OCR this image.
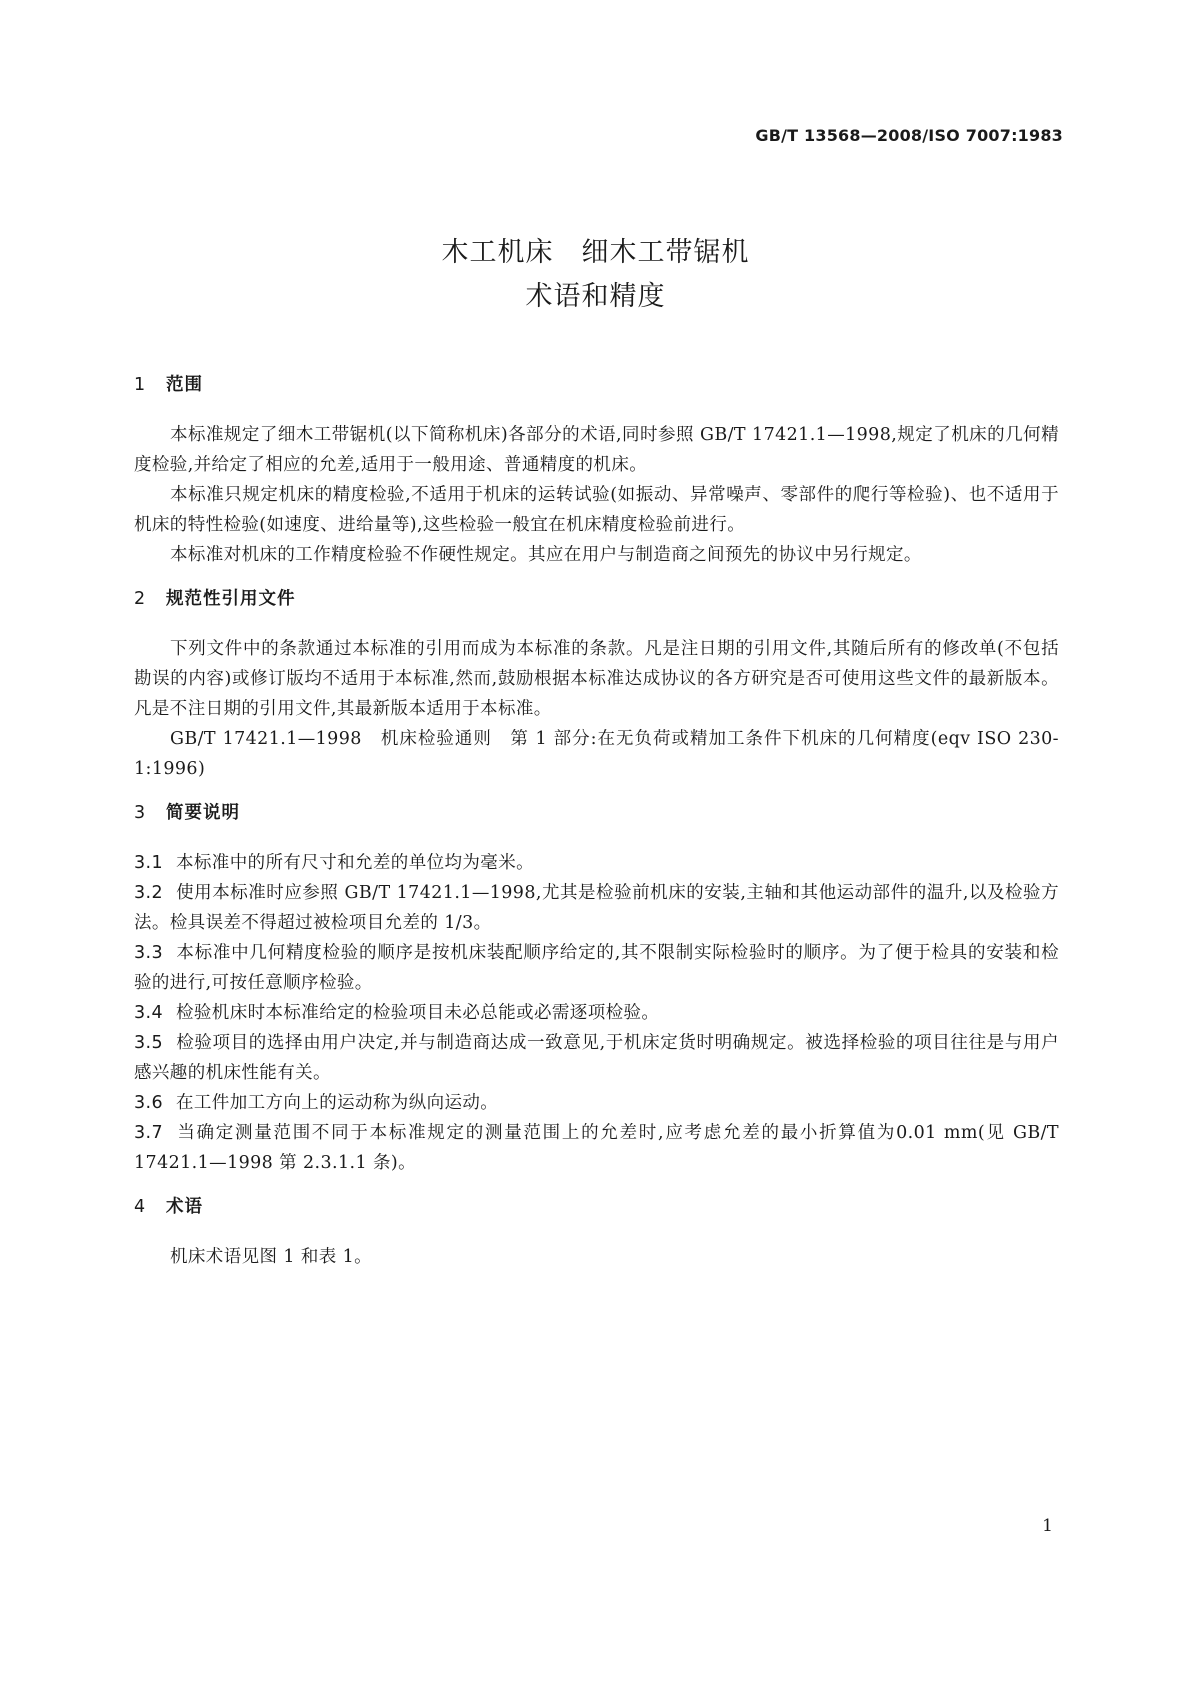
GB/T 13568—2008/ISO 7007:1983
木工机床　细木工带锯机
术语和精度

1 范围

本标准规定了细木工带锯机(以下简称机床)各部分的术语,同时参照 GB/T 17421.1—1998,规定了机床的几何精度检验,并给定了相应的允差,适用于一般用途、普通精度的机床。

本标准只规定机床的精度检验,不适用于机床的运转试验(如振动、异常噪声、零部件的爬行等检验)、也不适用于机床的特性检验(如速度、进给量等),这些检验一般宜在机床精度检验前进行。

本标准对机床的工作精度检验不作硬性规定。其应在用户与制造商之间预先的协议中另行规定。

2 规范性引用文件

下列文件中的条款通过本标准的引用而成为本标准的条款。凡是注日期的引用文件,其随后所有的修改单(不包括勘误的内容)或修订版均不适用于本标准,然而,鼓励根据本标准达成协议的各方研究是否可使用这些文件的最新版本。凡是不注日期的引用文件,其最新版本适用于本标准。

GB/T 17421.1—1998　机床检验通则　第 1 部分:在无负荷或精加工条件下机床的几何精度(eqv ISO 230-1:1996)

3 简要说明

3.1 本标准中的所有尺寸和允差的单位均为毫米。

3.2 使用本标准时应参照 GB/T 17421.1—1998,尤其是检验前机床的安装,主轴和其他运动部件的温升,以及检验方法。检具误差不得超过被检项目允差的 1/3。

3.3 本标准中几何精度检验的顺序是按机床装配顺序给定的,其不限制实际检验时的顺序。为了便于检具的安装和检验的进行,可按任意顺序检验。

3.4 检验机床时本标准给定的检验项目未必总能或必需逐项检验。

3.5 检验项目的选择由用户决定,并与制造商达成一致意见,于机床定货时明确规定。被选择检验的项目往往是与用户感兴趣的机床性能有关。

3.6 在工件加工方向上的运动称为纵向运动。

3.7 当确定测量范围不同于本标准规定的测量范围上的允差时,应考虑允差的最小折算值为0.01 mm(见 GB/T 17421.1—1998 第 2.3.1.1 条)。

4 术语

机床术语见图 1 和表 1。

1
